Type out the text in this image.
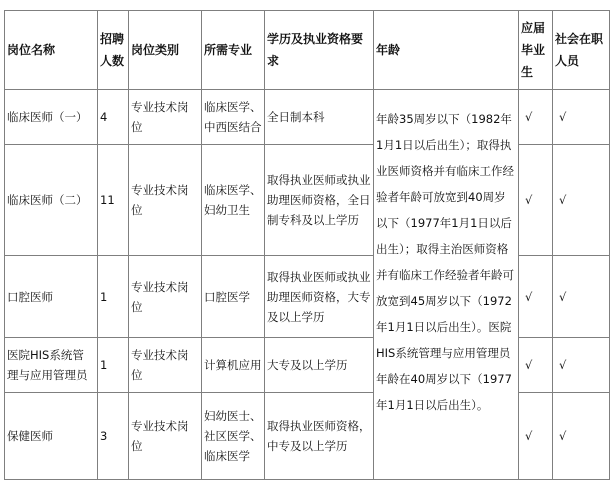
岗位名称	招聘人数	岗位类别	所需专业	学历及执业资格要求	年龄	应届毕业生	社会在职人员
临床医师（一）	4	专业技术岗位	临床医学、中西医结合	全日制本科	年龄35周岁以下（1982年1月1日以后出生）；取得执业医师资格并有临床工作经验者年龄可放宽到40周岁以下（1977年1月1日以后出生）；取得主治医师资格并有临床工作经验者年龄可放宽到45周岁以下（1972年1月1日以后出生）。医院HIS系统管理与应用管理员年龄在40周岁以下（1977年1月1日以后出生）。	√	√
临床医师（二）	11	专业技术岗位	临床医学、妇幼卫生	取得执业医师或执业助理医师资格，全日制专科及以上学历		√	√
口腔医师	1	专业技术岗位	口腔医学	取得执业医师或执业助理医师资格，大专及以上学历		√	√
医院HIS系统管理与应用管理员	1	专业技术岗位	计算机应用	大专及以上学历		√	√
保健医师	3	专业技术岗位	妇幼医士、社区医学、临床医学	取得执业医师资格，中专及以上学历		√	√
